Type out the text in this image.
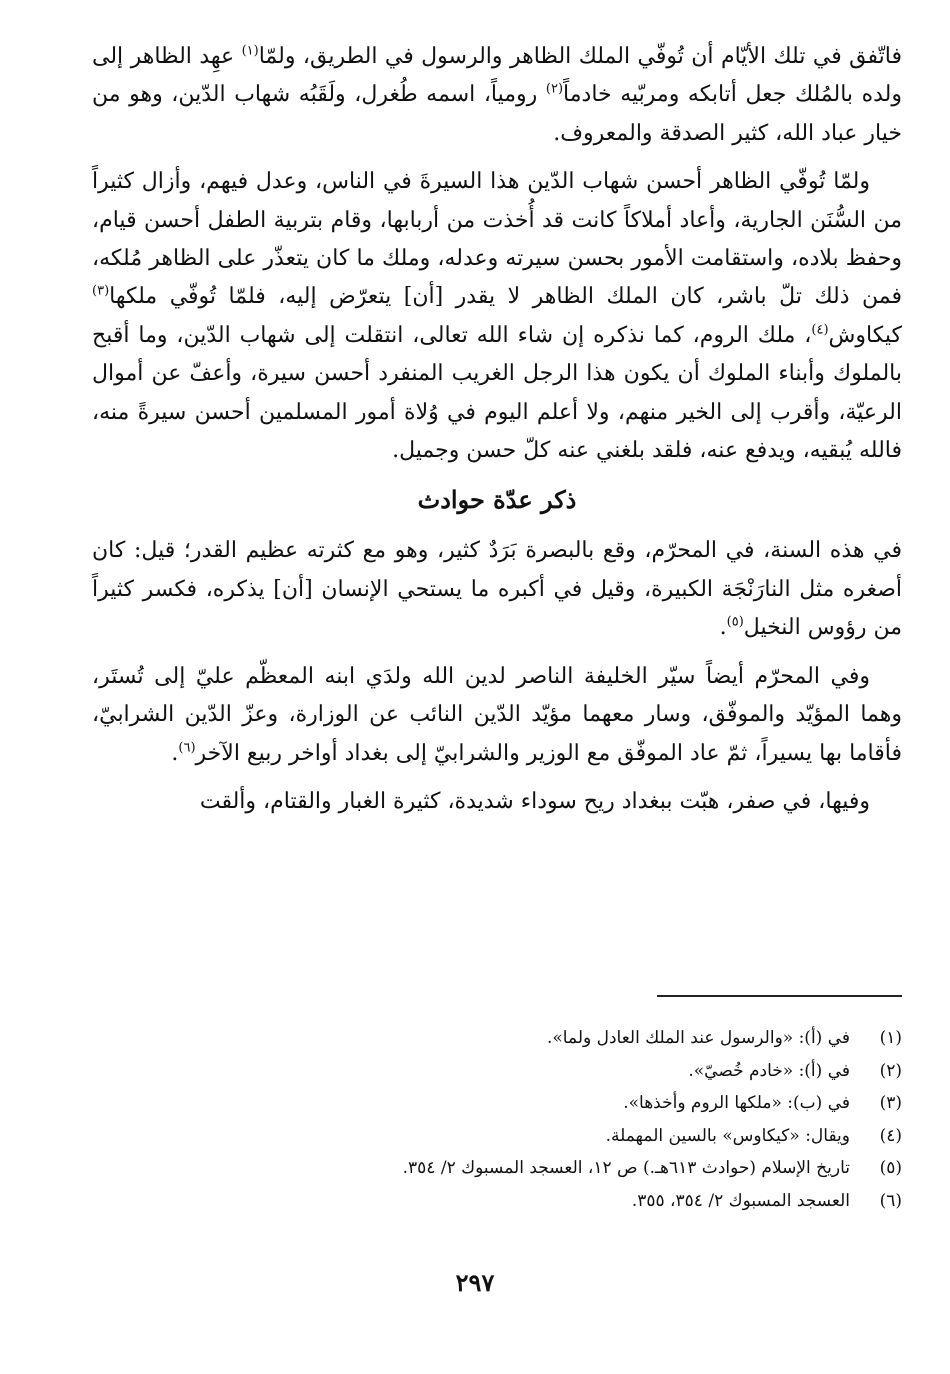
فاتّفق في تلك الأيّام أن تُوفّي الملك الظاهر والرسول في الطريق، ولمّا$^{(١)}$ عهِد الظاهر إلى ولده بالمُلك جعل أتابكه ومربّيه خادماً$^{(٢)}$ رومياً، اسمه طُغرل، ولَقَبُه شهاب الدّين، وهو من خيار عباد الله، كثير الصدقة والمعروف.

ولمّا تُوفّي الظاهر أحسن شهاب الدّين هذا السيرةَ في الناس، وعدل فيهم، وأزال كثيراً من السُّنَن الجارية، وأعاد أملاكاً كانت قد أُخذت من أربابها، وقام بتربية الطفل أحسن قيام، وحفظ بلاده، واستقامت الأمور بحسن سيرته وعدله، وملك ما كان يتعذّر على الظاهر مُلكه، فمن ذلك تلّ باشر، كان الملك الظاهر لا يقدر [أن] يتعرّض إليه، فلمّا تُوفّي ملكها$^{(٣)}$ كيكاوش$^{(٤)}$، ملك الروم، كما نذكره إن شاء الله تعالى، انتقلت إلى شهاب الدّين، وما أقبح بالملوك وأبناء الملوك أن يكون هذا الرجل الغريب المنفرد أحسن سيرة، وأعفّ عن أموال الرعيّة، وأقرب إلى الخير منهم، ولا أعلم اليوم في وُلاة أمور المسلمين أحسن سيرةً منه، فالله يُبقيه، ويدفع عنه، فلقد بلغني عنه كلّ حسن وجميل.

ذكر عدّة حوادث

في هذه السنة، في المحرّم، وقع بالبصرة بَرَدٌ كثير، وهو مع كثرته عظيم القدر؛ قيل: كان أصغره مثل النارَنْجَة الكبيرة، وقيل في أكبره ما يستحي الإنسان [أن] يذكره، فكسر كثيراً من رؤوس النخيل$^{(٥)}$.

وفي المحرّم أيضاً سيّر الخليفة الناصر لدين الله ولدَي ابنه المعظّم عليّ إلى تُستَر، وهما المؤيّد والموفّق، وسار معهما مؤيّد الدّين النائب عن الوزارة، وعزّ الدّين الشرابيّ، فأقاما بها يسيراً، ثمّ عاد الموفّق مع الوزير والشرابيّ إلى بغداد أواخر ربيع الآخر$^{(٦)}$.

وفيها، في صفر، هبّت ببغداد ريح سوداء شديدة، كثيرة الغبار والقتام، وألقت

(١)
في (أ): «والرسول عند الملك العادل ولما».
(٢)
في (أ): «خادم خُصيّ».
(٣)
في (ب): «ملكها الروم وأخذها».
(٤)
ويقال: «كيكاوس» بالسين المهملة.
(٥)
تاريخ الإسلام (حوادث ٦١٣هـ.) ص ١٢، العسجد المسبوك ٢/ ٣٥٤.
(٦)
العسجد المسبوك ٢/ ٣٥٤، ٣٥٥.
٢٩٧
